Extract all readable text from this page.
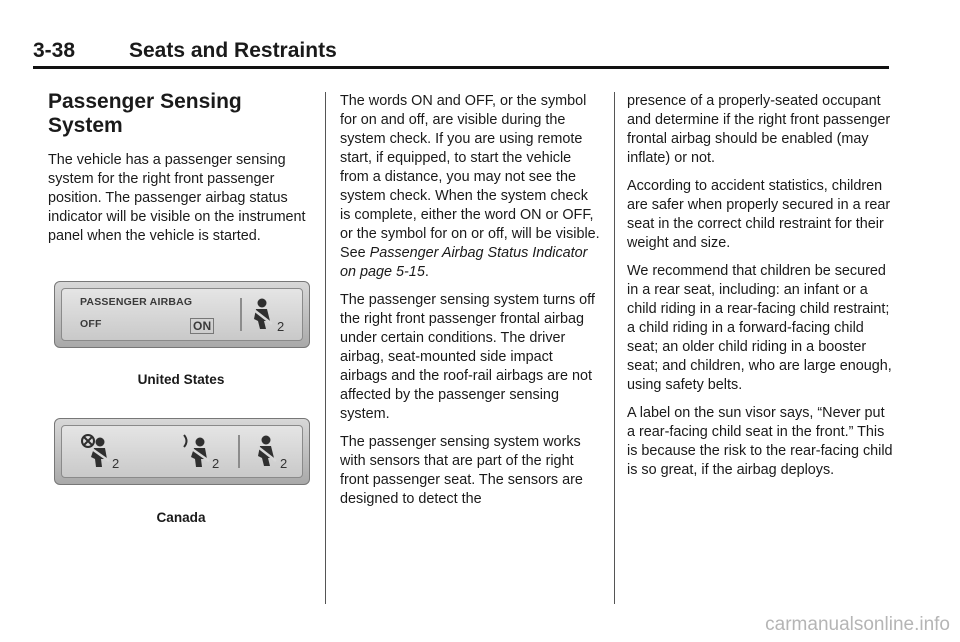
3-38	Seats and Restraints
Passenger Sensing System

The vehicle has a passenger sensing system for the right front passenger position. The passenger airbag status indicator will be visible on the instrument panel when the vehicle is started.

PASSENGER AIRBAG
OFF	ON	2
United States
2	2	2
Canada

The words ON and OFF, or the symbol for on and off, are visible during the system check. If you are using remote start, if equipped, to start the vehicle from a distance, you may not see the system check. When the system check is complete, either the word ON or OFF, or the symbol for on or off, will be visible. See Passenger Airbag Status Indicator on page 5-15.

The passenger sensing system turns off the right front passenger frontal airbag under certain conditions. The driver airbag, seat-mounted side impact airbags and the roof-rail airbags are not affected by the passenger sensing system.

The passenger sensing system works with sensors that are part of the right front passenger seat. The sensors are designed to detect the

presence of a properly-seated occupant and determine if the right front passenger frontal airbag should be enabled (may inflate) or not.

According to accident statistics, children are safer when properly secured in a rear seat in the correct child restraint for their weight and size.

We recommend that children be secured in a rear seat, including: an infant or a child riding in a rear-facing child restraint; a child riding in a forward-facing child seat; an older child riding in a booster seat; and children, who are large enough, using safety belts.

A label on the sun visor says, “Never put a rear-facing child seat in the front.” This is because the risk to the rear-facing child is so great, if the airbag deploys.

carmanualsonline.info
